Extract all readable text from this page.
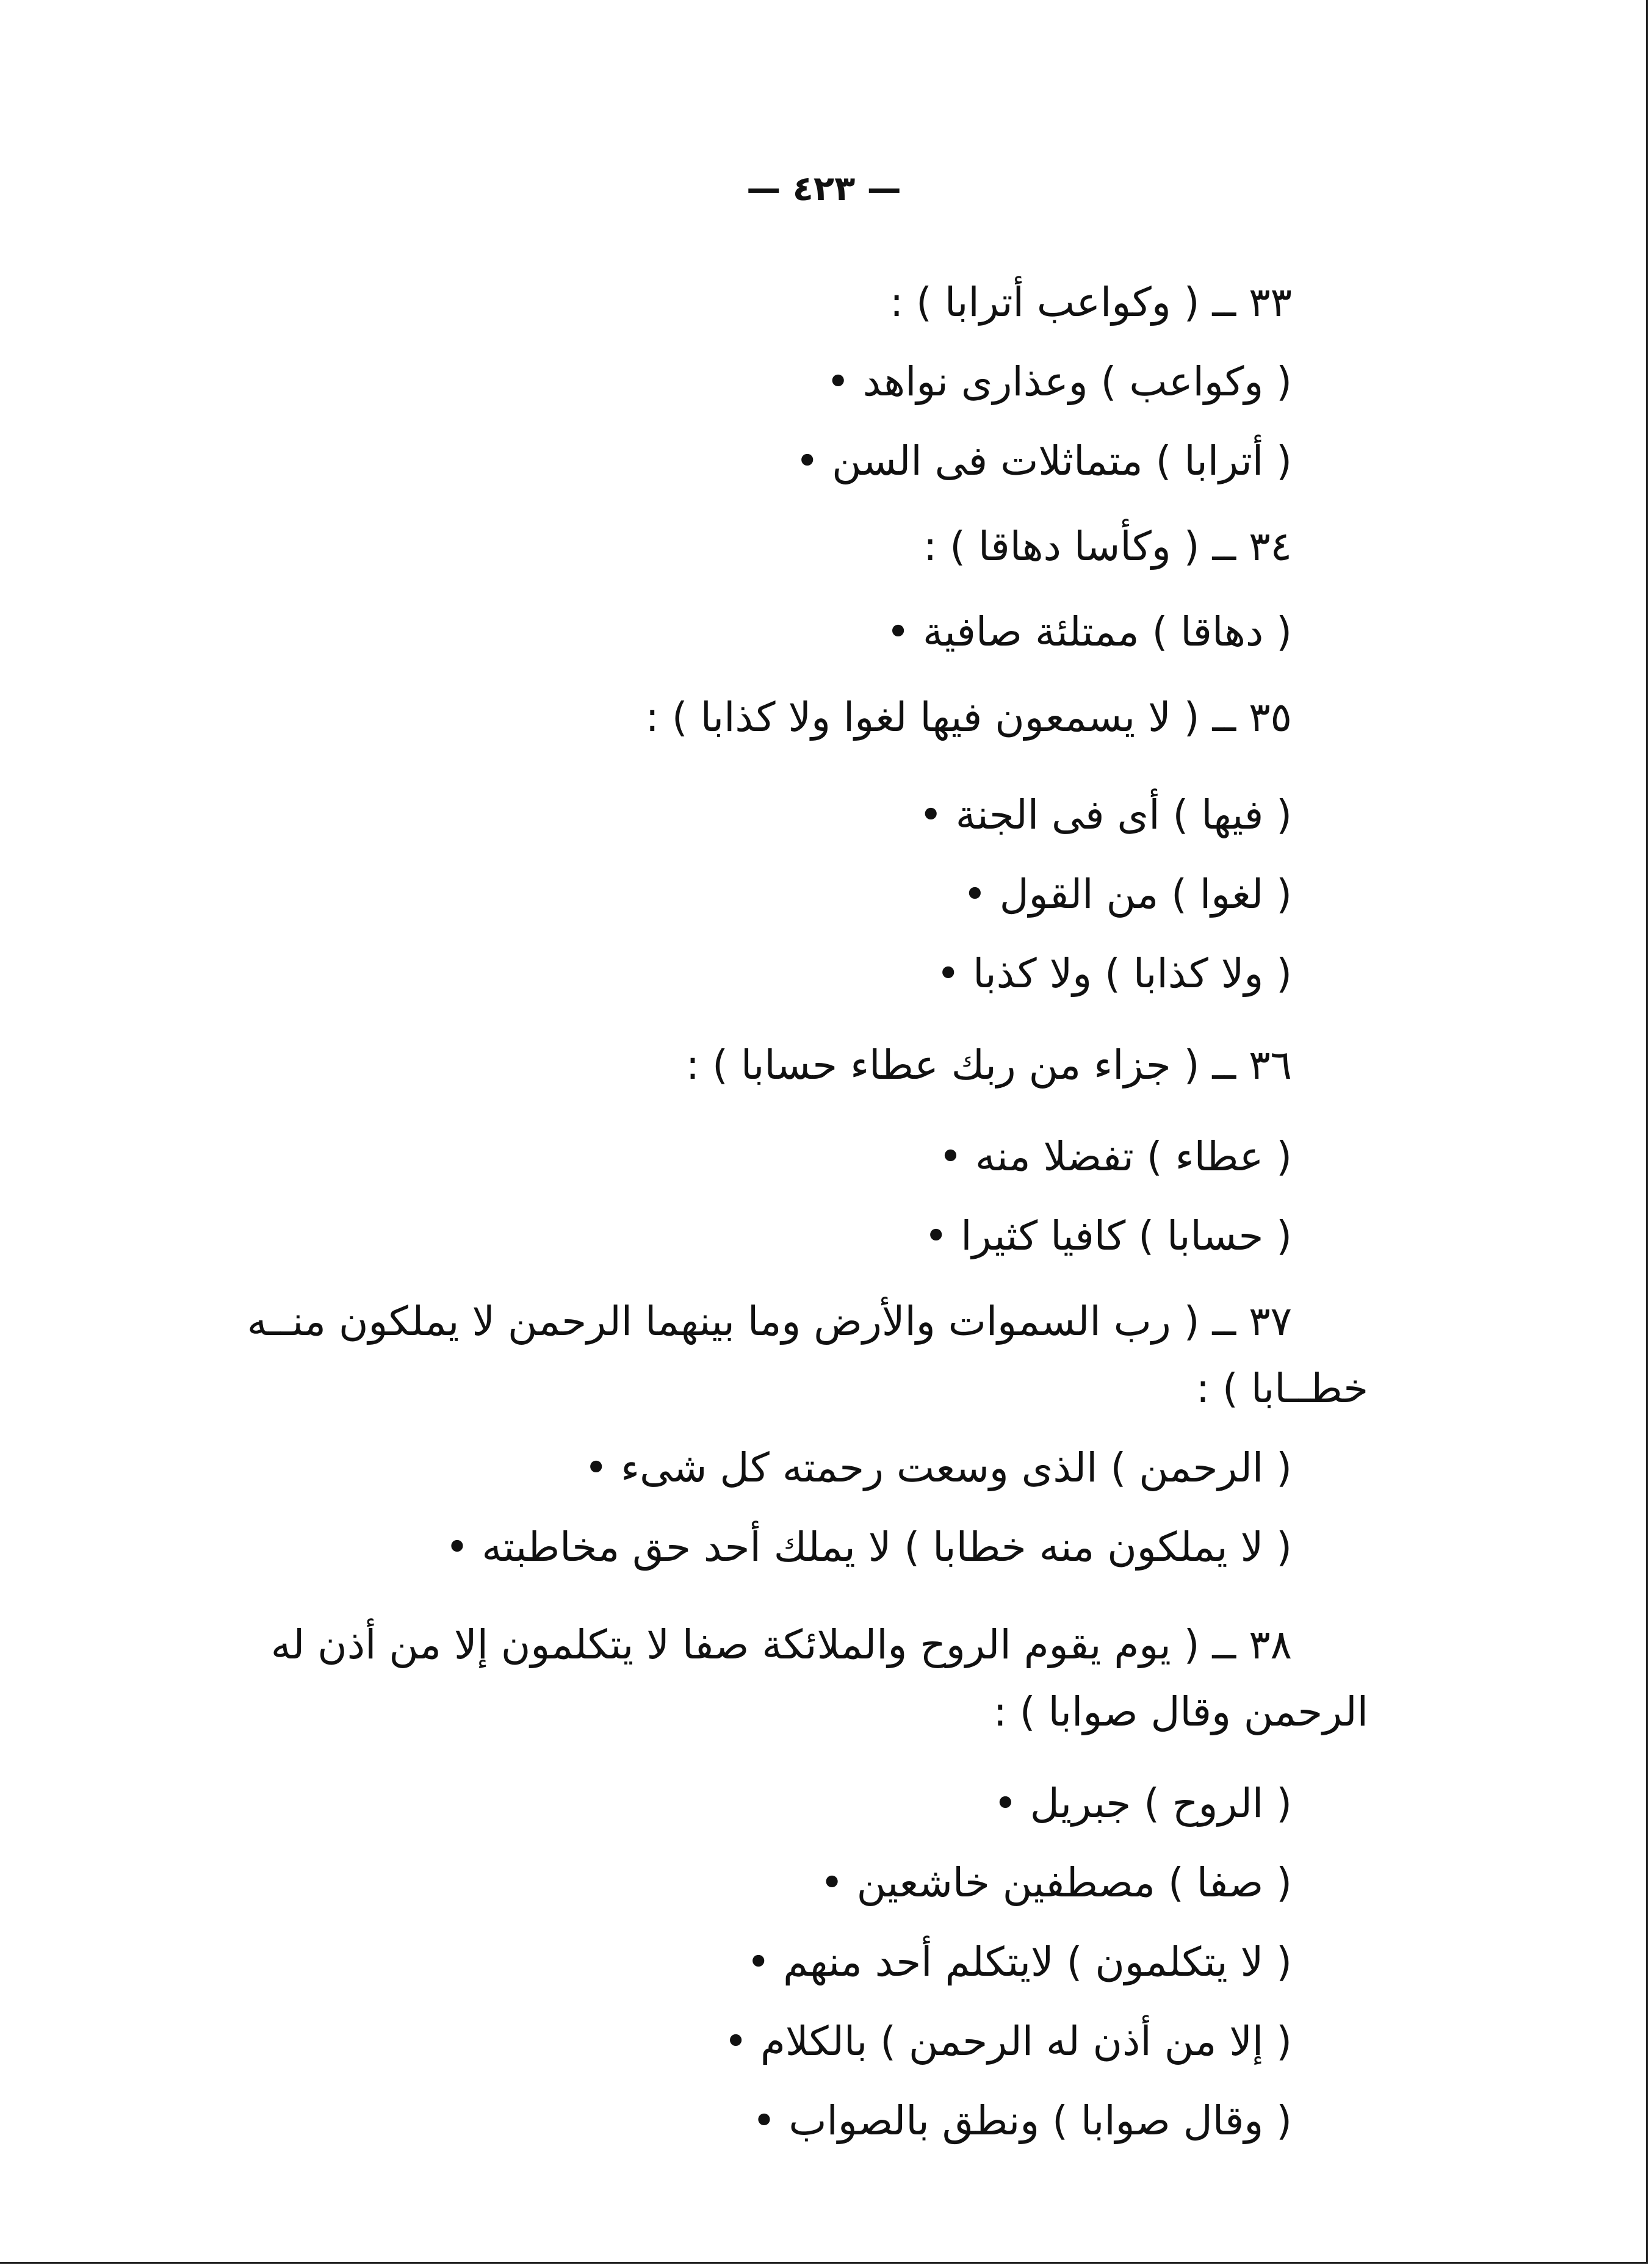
— ٤٢٣ —
٣٣ ــ ( وكواعب أترابا ) :
( وكواعب ) وعذارى نواهد •
( أترابا ) متماثلات فى السن •
٣٤ ــ ( وكأسا دهاقا ) :
( دهاقا ) ممتلئة صافية •
٣٥ ــ ( لا يسمعون فيها لغوا ولا كذابا ) :
( فيها ) أى فى الجنة •
( لغوا ) من القول •
( ولا كذابا ) ولا كذبا •
٣٦ ــ ( جزاء من ربك عطاء حسابا ) :
( عطاء ) تفضلا منه •
( حسابا ) كافيا كثيرا •
٣٧ ــ ( رب السموات والأرض وما بينهما الرحمن لا يملكون منــه
خطــابا ) :
( الرحمن ) الذى وسعت رحمته كل شىء •
( لا يملكون منه خطابا ) لا يملك أحد حق مخاطبته •
٣٨ ــ ( يوم يقوم الروح والملائكة صفا لا يتكلمون إلا من أذن له
الرحمن وقال صوابا ) :
( الروح ) جبريل •
( صفا ) مصطفين خاشعين •
( لا يتكلمون ) لايتكلم أحد منهم •
( إلا من أذن له الرحمن ) بالكلام •
( وقال صوابا ) ونطق بالصواب •
